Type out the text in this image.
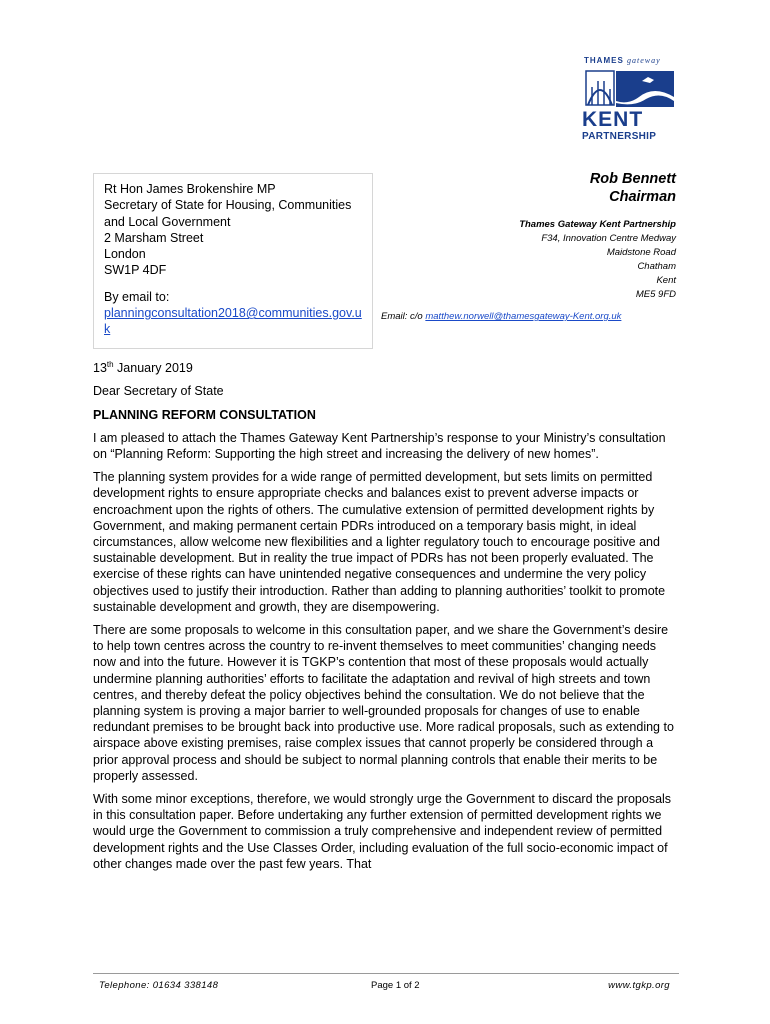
THAMES gateway
KENT
PARTNERSHIP
Rt Hon James Brokenshire MP
Secretary of State for Housing, Communities
and Local Government
2 Marsham Street
London
SW1P 4DF
By email to:
planningconsultation2018@communities.gov.uk
Rob Bennett
Chairman
Thames Gateway Kent Partnership
F34, Innovation Centre Medway
Maidstone Road
Chatham
Kent
ME5 9FD
Email: c/o matthew.norwell@thamesgateway-Kent.org.uk

13th January 2019

Dear Secretary of State

PLANNING REFORM CONSULTATION

I am pleased to attach the Thames Gateway Kent Partnership’s response to your Ministry’s consultation on “Planning Reform: Supporting the high street and increasing the delivery of new homes”.

The planning system provides for a wide range of permitted development, but sets limits on permitted development rights to ensure appropriate checks and balances exist to prevent adverse impacts or encroachment upon the rights of others. The cumulative extension of permitted development rights by Government, and making permanent certain PDRs introduced on a temporary basis might, in ideal circumstances, allow welcome new flexibilities and a lighter regulatory touch to encourage positive and sustainable development. But in reality the true impact of PDRs has not been properly evaluated. The exercise of these rights can have unintended negative consequences and undermine the very policy objectives used to justify their introduction. Rather than adding to planning authorities’ toolkit to promote sustainable development and growth, they are disempowering.

There are some proposals to welcome in this consultation paper, and we share the Government’s desire to help town centres across the country to re-invent themselves to meet communities’ changing needs now and into the future. However it is TGKP’s contention that most of these proposals would actually undermine planning authorities’ efforts to facilitate the adaptation and revival of high streets and town centres, and thereby defeat the policy objectives behind the consultation. We do not believe that the planning system is proving a major barrier to well-grounded proposals for changes of use to enable redundant premises to be brought back into productive use. More radical proposals, such as extending to airspace above existing premises, raise complex issues that cannot properly be considered through a prior approval process and should be subject to normal planning controls that enable their merits to be properly assessed.

With some minor exceptions, therefore, we would strongly urge the Government to discard the proposals in this consultation paper. Before undertaking any further extension of permitted development rights we would urge the Government to commission a truly comprehensive and independent review of permitted development rights and the Use Classes Order, including evaluation of the full socio-economic impact of other changes made over the past few years. That

Telephone: 01634 338148	Page 1 of 2	www.tgkp.org
